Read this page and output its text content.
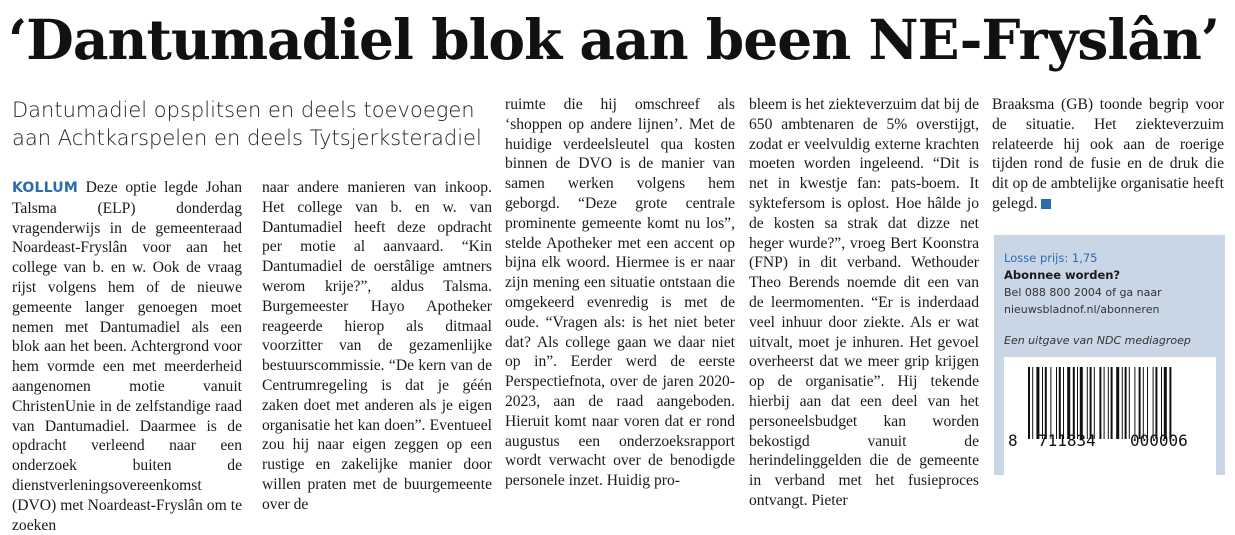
‘Dantumadiel blok aan been NE-Fryslân’
Dantumadiel opsplitsen en deels toevoegen aan Achtkarspelen en deels Tytsjerksteradiel
KOLLUM Deze optie legde Johan Talsma (ELP) donderdag vragenderwijs in de gemeenteraad Noardeast-Fryslân voor aan het college van b. en w. Ook de vraag rijst volgens hem of de nieuwe gemeente langer genoegen moet nemen met Dantumadiel als een blok aan het been. Achtergrond voor hem vormde een met meerderheid aangenomen motie vanuit ChristenUnie in de zelfstandige raad van Dantumadiel. Daarmee is de opdracht verleend naar een onderzoek buiten de dienstverleningsovereenkomst (DVO) met Noardeast-Fryslân om te zoeken
naar andere manieren van inkoop. Het college van b. en w. van Dantumadiel heeft deze opdracht per motie al aanvaard. “Kin Dantumadiel de oerstâlige amtners werom krije?”, aldus Talsma. Burgemeester Hayo Apotheker reageerde hierop als ditmaal voorzitter van de gezamenlijke bestuurscommissie. “De kern van de Centrumregeling is dat je géén zaken doet met anderen als je eigen organisatie het kan doen”. Eventueel zou hij naar eigen zeggen op een rustige en zakelijke manier door willen praten met de buurgemeente over de
ruimte die hij omschreef als ‘shoppen op andere lijnen’. Met de huidige verdeelsleutel qua kosten binnen de DVO is de manier van samen werken volgens hem geborgd. “Deze grote centrale prominente gemeente komt nu los”, stelde Apotheker met een accent op bijna elk woord. Hiermee is er naar zijn mening een situatie ontstaan die omgekeerd evenredig is met de oude. “Vragen als: is het niet beter dat? Als college gaan we daar niet op in”. Eerder werd de eerste Perspectiefnota, over de jaren 2020-2023, aan de raad aangeboden. Hieruit komt naar voren dat er rond augustus een onderzoeksrapport wordt verwacht over de benodigde personele inzet. Huidig pro-
bleem is het ziekteverzuim dat bij de 650 ambtenaren de 5% overstijgt, zodat er veelvuldig externe krachten moeten worden ingeleend. “Dit is net in kwestje fan: pats-boem. It syktefersom is oplost. Hoe hâlde jo de kosten sa strak dat dizze net heger wurde?”, vroeg Bert Koonstra (FNP) in dit verband. Wethouder Theo Berends noemde dit een van de leermomenten. “Er is inderdaad veel inhuur door ziekte. Als er wat uitvalt, moet je inhuren. Het gevoel overheerst dat we meer grip krijgen op de organisatie”. Hij tekende hierbij aan dat een deel van het personeelsbudget kan worden bekostigd vanuit de herindelinggelden die de gemeente in verband met het fusieproces ontvangt. Pieter
Braaksma (GB) toonde begrip voor de situatie. Het ziekteverzuim relateerde hij ook aan de roerige tijden rond de fusie en de druk die dit op de ambtelijke organisatie heeft gelegd.
Losse prijs: 1,75
Abonnee worden?
Bel 088 800 2004 of ga naar
nieuwsbladnof.nl/abonneren
Een uitgave van NDC mediagroep
8 711834 000006
